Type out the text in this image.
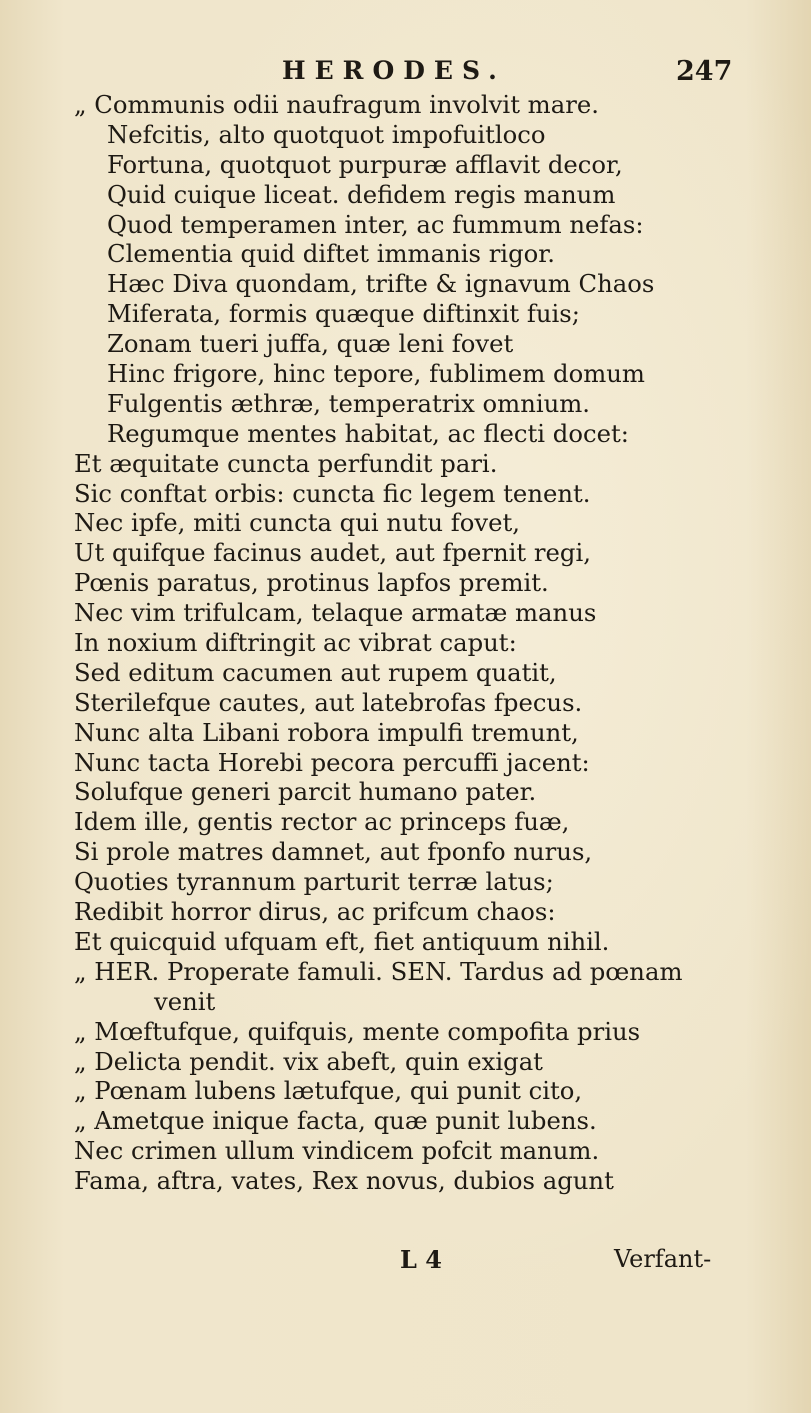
HERODES.	247
„ Communis odii naufragum involvit mare.
Nefcitis, alto quotquot impofuitloco
Fortuna, quotquot purpuræ afflavit decor,
Quid cuique liceat. defidem regis manum
Quod temperamen inter, ac fummum nefas:
Clementia quid diftet immanis rigor.
Hæc Diva quondam, trifte & ignavum Chaos
Miferata, formis quæque diftinxit fuis;
Zonam tueri juffa, quæ leni fovet
Hinc frigore, hinc tepore, fublimem domum
Fulgentis æthræ, temperatrix omnium.
Regumque mentes habitat, ac flecti docet:
Et æquitate cuncta perfundit pari.
Sic conftat orbis: cuncta fic legem tenent.
Nec ipfe, miti cuncta qui nutu fovet,
Ut quifque facinus audet, aut fpernit regi,
Pœnis paratus, protinus lapfos premit.
Nec vim trifulcam, telaque armatæ manus
In noxium diftringit ac vibrat caput:
Sed editum cacumen aut rupem quatit,
Sterilefque cautes, aut latebrofas fpecus.
Nunc alta Libani robora impulfi tremunt,
Nunc tacta Horebi pecora percuffi jacent:
Solufque generi parcit humano pater.
Idem ille, gentis rector ac princeps fuæ,
Si prole matres damnet, aut fponfo nurus,
Quoties tyrannum parturit terræ latus;
Redibit horror dirus, ac prifcum chaos:
Et quicquid ufquam eft, fiet antiquum nihil.
„ HER. Properate famuli. SEN. Tardus ad pœnam
venit
„ Mœftufque, quifquis, mente compofita prius
„ Delicta pendit. vix abeft, quin exigat
„ Pœnam lubens lætufque, qui punit cito,
„ Ametque inique facta, quæ punit lubens.
Nec crimen ullum vindicem pofcit manum.
Fama, aftra, vates, Rex novus, dubios agunt
L 4	Verfant-
